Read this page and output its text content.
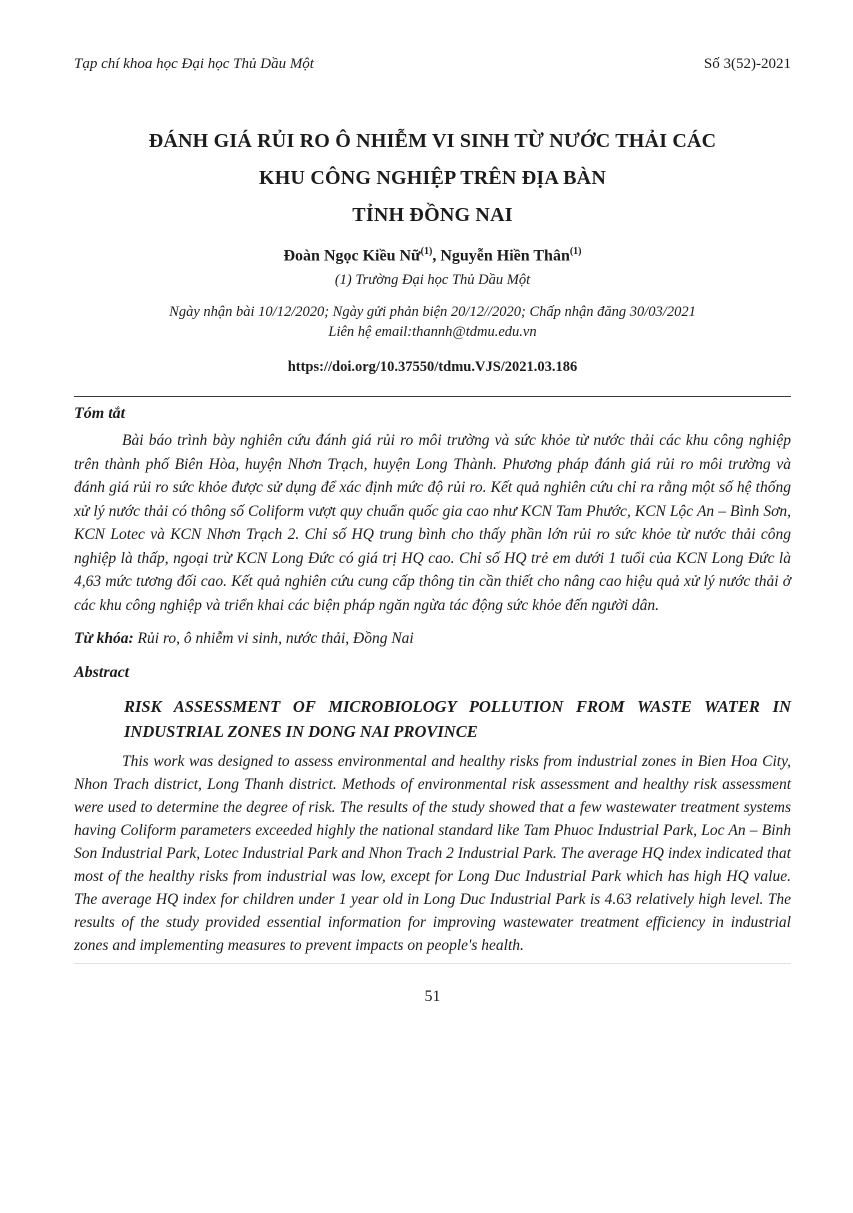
Tạp chí khoa học Đại học Thủ Dầu Một	Số 3(52)-2021
ĐÁNH GIÁ RỦI RO Ô NHIỄM VI SINH TỪ NƯỚC THẢI CÁC
KHU CÔNG NGHIỆP TRÊN ĐỊA BÀN
TỈNH ĐỒNG NAI
Đoàn Ngọc Kiều Nữ$^{(1)}$, Nguyễn Hiền Thân$^{(1)}$
(1) Trường Đại học Thủ Dầu Một
Ngày nhận bài 10/12/2020; Ngày gửi phản biện 20/12//2020; Chấp nhận đăng 30/03/2021
Liên hệ email:thannh@tdmu.edu.vn
https://doi.org/10.37550/tdmu.VJS/2021.03.186
Tóm tắt

Bài báo trình bày nghiên cứu đánh giá rủi ro môi trường và sức khỏe từ nước thải các khu công nghiệp trên thành phố Biên Hòa, huyện Nhơn Trạch, huyện Long Thành. Phương pháp đánh giá rủi ro môi trường và đánh giá rủi ro sức khỏe được sử dụng để xác định mức độ rủi ro. Kết quả nghiên cứu chỉ ra rằng một số hệ thống xử lý nước thải có thông số Coliform vượt quy chuẩn quốc gia cao như KCN Tam Phước, KCN Lộc An – Bình Sơn, KCN Lotec và KCN Nhơn Trạch 2. Chỉ số HQ trung bình cho thấy phần lớn rủi ro sức khỏe từ nước thải công nghiệp là thấp, ngoại trừ KCN Long Đức có giá trị HQ cao. Chỉ số HQ trẻ em dưới 1 tuổi của KCN Long Đức là 4,63 mức tương đối cao. Kết quả nghiên cứu cung cấp thông tin cần thiết cho nâng cao hiệu quả xử lý nước thải ở các khu công nghiệp và triển khai các biện pháp ngăn ngừa tác động sức khỏe đến người dân.

Từ khóa: Rủi ro, ô nhiễm vi sinh, nước thải, Đồng Nai
Abstract
RISK ASSESSMENT OF MICROBIOLOGY POLLUTION FROM WASTE WATER IN INDUSTRIAL ZONES IN DONG NAI PROVINCE

This work was designed to assess environmental and healthy risks from industrial zones in Bien Hoa City, Nhon Trach district, Long Thanh district. Methods of environmental risk assessment and healthy risk assessment were used to determine the degree of risk. The results of the study showed that a few wastewater treatment systems having Coliform parameters exceeded highly the national standard like Tam Phuoc Industrial Park, Loc An – Binh Son Industrial Park, Lotec Industrial Park and Nhon Trach 2 Industrial Park. The average HQ index indicated that most of the healthy risks from industrial was low, except for Long Duc Industrial Park which has high HQ value. The average HQ index for children under 1 year old in Long Duc Industrial Park is 4.63 relatively high level. The results of the study provided essential information for improving wastewater treatment efficiency in industrial zones and implementing measures to prevent impacts on people's health.

51
